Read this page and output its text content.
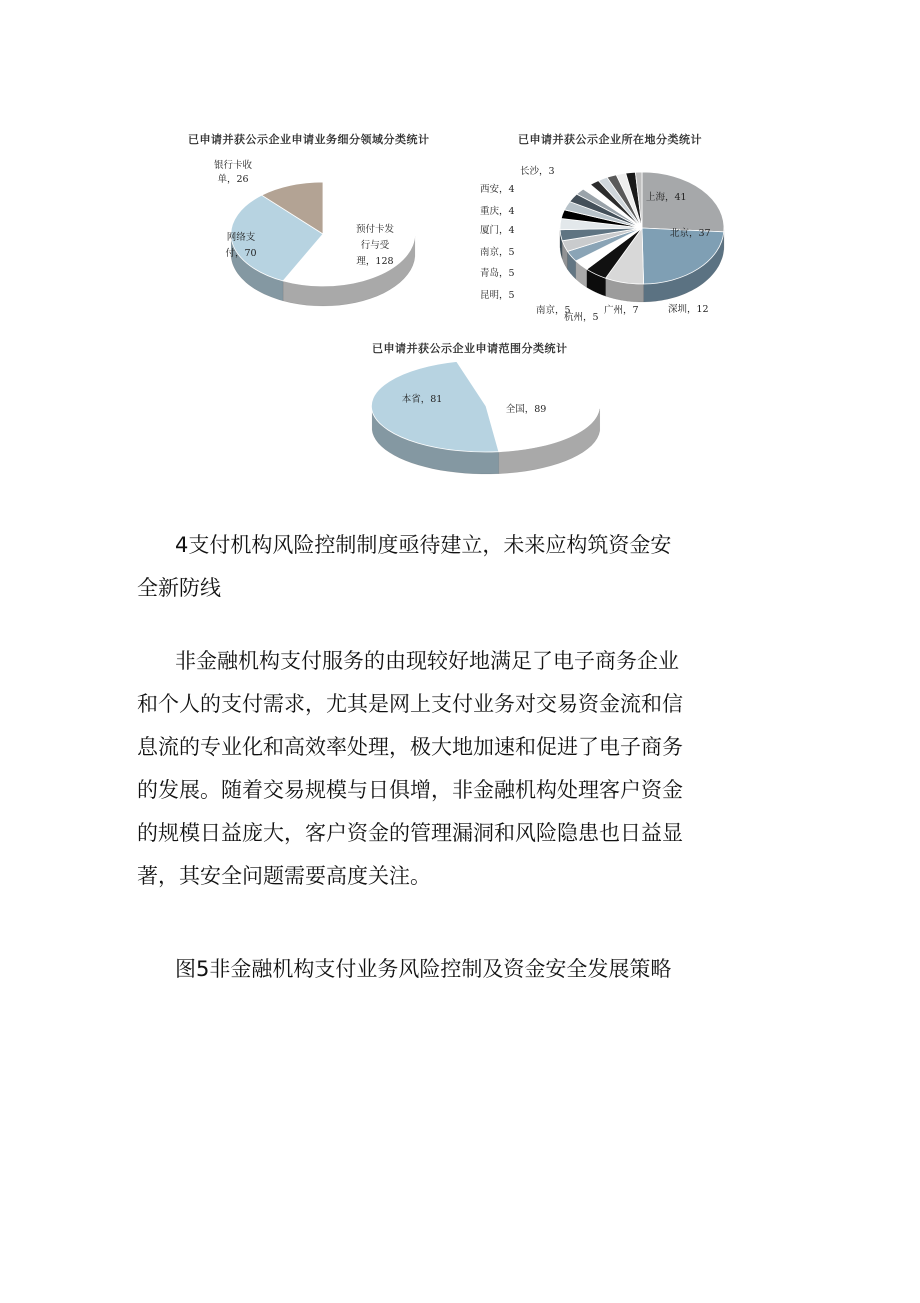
已申请并获公示企业申请业务细分领域分类统计
预付卡发行与受理，128
网络支付，70
银行卡收单，26
已申请并获公示企业所在地分类统计
上海，41
北京，37
深圳，12
广州，7
杭州，5
南京，5
昆明，5
青岛，5
南京，5
厦门，4
重庆，4
西安，4
长沙，3
已申请并获公示企业申请范围分类统计
全国，89
本省，81

4支付机构风险控制制度亟待建立，未来应构筑资金安
全新防线

非金融机构支付服务的由现较好地满足了电子商务企业
和个人的支付需求，尤其是网上支付业务对交易资金流和信
息流的专业化和高效率处理，极大地加速和促进了电子商务
的发展。随着交易规模与日俱增，非金融机构处理客户资金
的规模日益庞大，客户资金的管理漏洞和风险隐患也日益显
著，其安全问题需要高度关注。

图5非金融机构支付业务风险控制及资金安全发展策略
